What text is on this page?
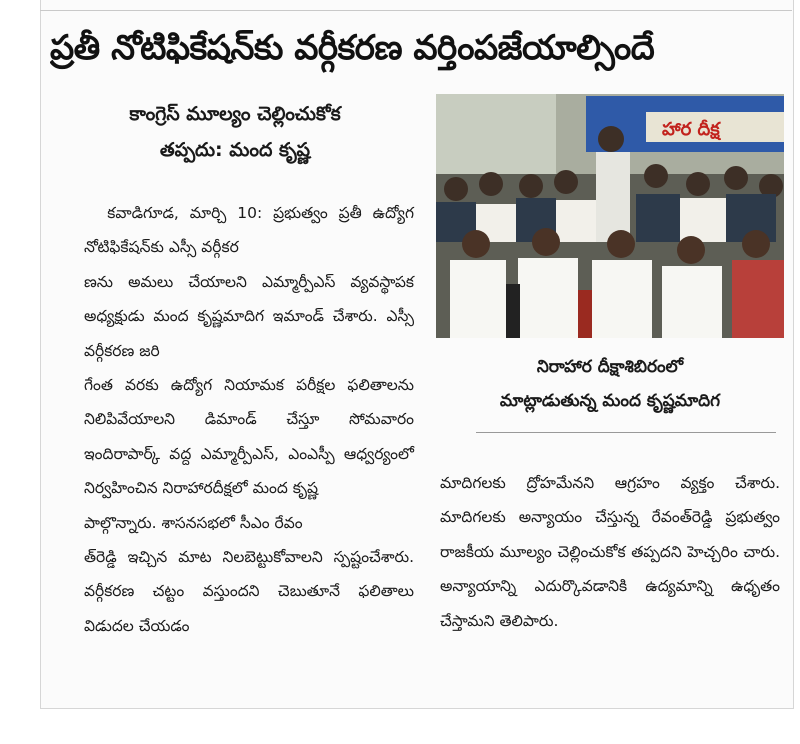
ప్రతీ నోటిఫికేషన్‌కు వర్గీకరణ వర్తింపజేయాల్సిందే
కాంగ్రెస్ మూల్యం చెల్లించుకోక
తప్పదు: మంద కృష్ణ

కవాడిగూడ, మార్చి 10: ప్రభుత్వం ప్రతీ ఉద్యోగ నోటిఫికేషన్‌కు ఎస్సీ వర్గీకర

ణను అమలు చేయాలని ఎమ్మార్పీఎస్ వ్యవస్థాపక అధ్యక్షుడు మంద కృష్ణమాదిగ ఇమాండ్ చేశారు. ఎస్సీ వర్గీకరణ జరి

గేంత వరకు ఉద్యోగ నియామక పరీక్షల ఫలితాలను నిలిపివేయాలని డిమాండ్ చేస్తూ సోమవారం ఇందిరాపార్క్ వద్ద ఎమ్మార్పీఎస్, ఎంఎస్పీ ఆధ్వర్యంలో నిర్వహించిన నిరాహారదీక్షలో మంద కృష్ణ

పాల్గొన్నారు. శాసనసభలో సీఎం రేవం

త్‌రెడ్డి ఇచ్చిన మాట నిలబెట్టుకోవాలని స్పష్టంచేశారు. వర్గీకరణ చట్టం వస్తుందని చెబుతూనే ఫలితాలు విడుదల చేయడం

హార దీక్ష
నిరాహార దీక్షాశిబిరంలో
మాట్లాడుతున్న మంద కృష్ణమాదిగ

మాదిగలకు ద్రోహమేనని ఆగ్రహం వ్యక్తం చేశారు. మాదిగలకు అన్యాయం చేస్తున్న రేవంత్‌రెడ్డి ప్రభుత్వం రాజకీయ మూల్యం చెల్లించుకోక తప్పదని హెచ్చరిం చారు. అన్యాయాన్ని ఎదుర్కొవడానికి ఉద్యమాన్ని ఉధృతం చేస్తామని తెలిపారు.
